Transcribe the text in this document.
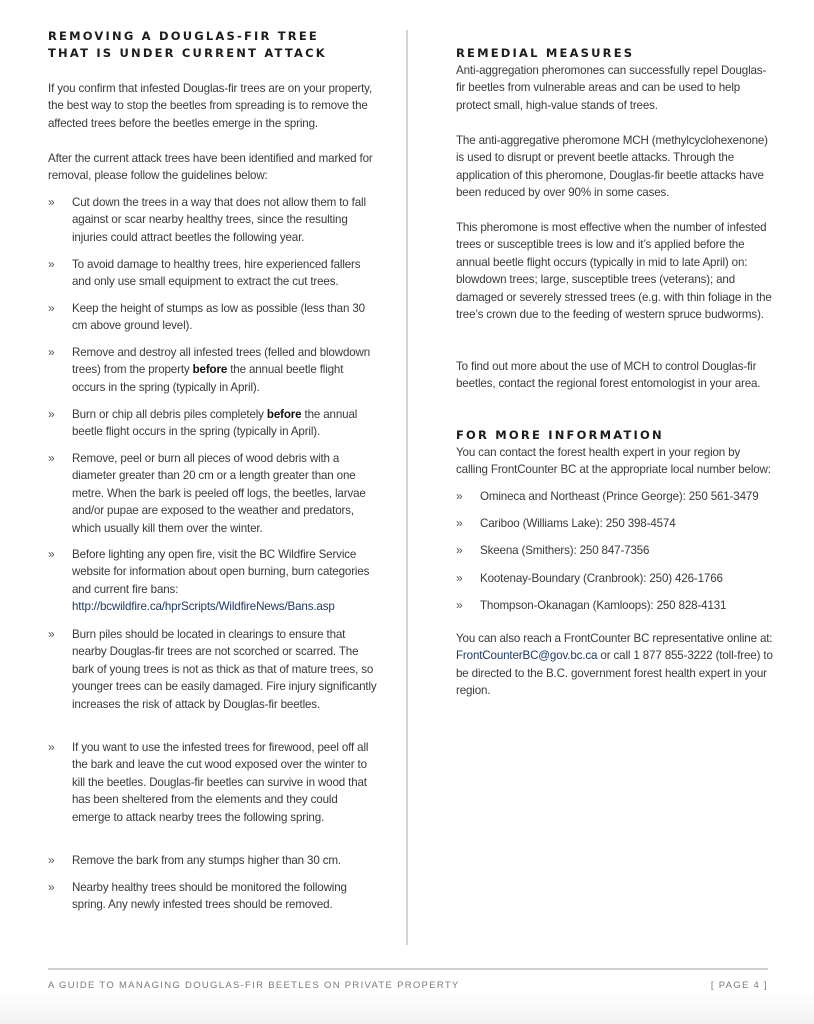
REMOVING A DOUGLAS-FIR TREE
THAT IS UNDER CURRENT ATTACK

If you confirm that infested Douglas-fir trees are on your property, the best way to stop the beetles from spreading is to remove the affected trees before the beetles emerge in the spring.

After the current attack trees have been identified and marked for removal, please follow the guidelines below:

» Cut down the trees in a way that does not allow them to fall against or scar nearby healthy trees, since the resulting injuries could attract beetles the following year.
» To avoid damage to healthy trees, hire experienced fallers and only use small equipment to extract the cut trees.
» Keep the height of stumps as low as possible (less than 30 cm above ground level).
» Remove and destroy all infested trees (felled and blowdown trees) from the property before the annual beetle flight occurs in the spring (typically in April).
» Burn or chip all debris piles completely before the annual beetle flight occurs in the spring (typically in April).
» Remove, peel or burn all pieces of wood debris with a diameter greater than 20 cm or a length greater than one metre. When the bark is peeled off logs, the beetles, larvae and/or pupae are exposed to the weather and predators, which usually kill them over the winter.
» Before lighting any open fire, visit the BC Wildfire Service website for information about open burning, burn categories and current fire bans:
http://bcwildfire.ca/hprScripts/WildfireNews/Bans.asp
» Burn piles should be located in clearings to ensure that nearby Douglas-fir trees are not scorched or scarred. The bark of young trees is not as thick as that of mature trees, so younger trees can be easily damaged. Fire injury significantly increases the risk of attack by Douglas-fir beetles.
» If you want to use the infested trees for firewood, peel off all the bark and leave the cut wood exposed over the winter to kill the beetles. Douglas-fir beetles can survive in wood that has been sheltered from the elements and they could emerge to attack nearby trees the following spring.
» Remove the bark from any stumps higher than 30 cm.
» Nearby healthy trees should be monitored the following spring. Any newly infested trees should be removed.

REMEDIAL MEASURES

Anti-aggregation pheromones can successfully repel Douglas-fir beetles from vulnerable areas and can be used to help protect small, high-value stands of trees.

The anti-aggregative pheromone MCH (methylcyclohexenone) is used to disrupt or prevent beetle attacks. Through the application of this pheromone, Douglas-fir beetle attacks have been reduced by over 90% in some cases.

This pheromone is most effective when the number of infested trees or susceptible trees is low and it’s applied before the annual beetle flight occurs (typically in mid to late April) on: blowdown trees; large, susceptible trees (veterans); and damaged or severely stressed trees (e.g. with thin foliage in the tree’s crown due to the feeding of western spruce budworms).

To find out more about the use of MCH to control Douglas-fir beetles, contact the regional forest entomologist in your area.

FOR MORE INFORMATION

You can contact the forest health expert in your region by calling FrontCounter BC at the appropriate local number below:

» Omineca and Northeast (Prince George): 250 561-3479
» Cariboo (Williams Lake): 250 398-4574
» Skeena (Smithers): 250 847-7356
» Kootenay-Boundary (Cranbrook): 250) 426-1766
» Thompson-Okanagan (Kamloops): 250 828-4131

You can also reach a FrontCounter BC representative online at: FrontCounterBC@gov.bc.ca or call 1 877 855-3222 (toll-free) to be directed to the B.C. government forest health expert in your region.

A GUIDE TO MANAGING DOUGLAS-FIR BEETLES ON PRIVATE PROPERTY	[ PAGE 4 ]
